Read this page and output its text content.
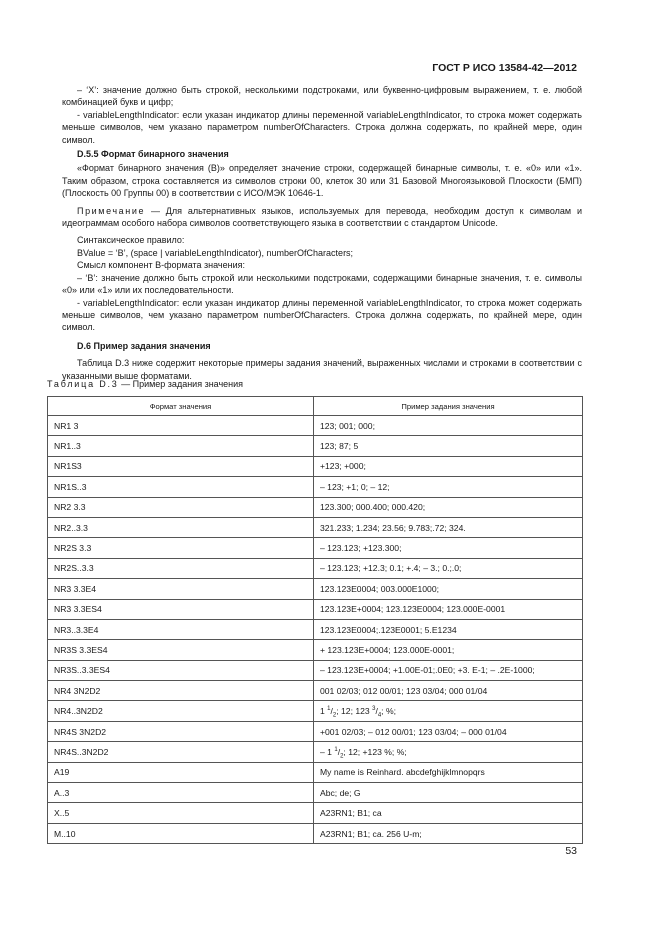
ГОСТ Р ИСО 13584-42—2012

– ‘X’: значение должно быть строкой, несколькими подстроками, или буквенно-цифровым выражением, т. е. любой комбинацией букв и цифр;

- variableLengthIndicator: если указан индикатор длины переменной variableLengthIndicator, то строка может содержать меньше символов, чем указано параметром numberOfCharacters. Строка должна содержать, по крайней мере, один символ.

D.5.5 Формат бинарного значения

«Формат бинарного значения (B)» определяет значение строки, содержащей бинарные символы, т. е. «0» или «1». Таким образом, строка составляется из символов строки 00, клеток 30 или 31 Базовой Многоязыковой Плоскости (БМП) (Плоскость 00 Группы 00) в соответствии с ИСО/МЭК 10646-1.

Примечание — Для альтернативных языков, используемых для перевода, необходим доступ к символам и идеограммам особого набора символов соответствующего языка в соответствии с стандартом Unicode.

Синтаксическое правило:

BValue = ‘B’, (space | variableLengthIndicator), numberOfCharacters;

Смысл компонент B-формата значения:

– ‘B’: значение должно быть строкой или несколькими подстроками, содержащими бинарные значения, т. е. символы «0» или «1» или их последовательности.

- variableLengthIndicator: если указан индикатор длины переменной variableLengthIndicator, то строка может содержать меньше символов, чем указано параметром numberOfCharacters. Строка должна содержать, по крайней мере, один символ.

D.6 Пример задания значения

Таблица D.3 ниже содержит некоторые примеры задания значений, выраженных числами и строками в соответствии с указанными выше форматами.

Таблица D.3 — Пример задания значения
Формат значения	Пример задания значения
NR1 3	123; 001; 000;
NR1..3	123; 87; 5
NR1S3	+123; +000;
NR1S..3	– 123; +1; 0; – 12;
NR2 3.3	123.300; 000.400; 000.420;
NR2..3.3	321.233; 1.234; 23.56; 9.783;.72; 324.
NR2S 3.3	– 123.123; +123.300;
NR2S..3.3	– 123.123; +12.3; 0.1; +.4; – 3.; 0.;.0;
NR3 3.3E4	123.123E0004; 003.000E1000;
NR3 3.3ES4	123.123E+0004; 123.123E0004; 123.000E-0001
NR3..3.3E4	123.123E0004;.123E0001; 5.E1234
NR3S 3.3ES4	+ 123.123E+0004; 123.000E-0001;
NR3S..3.3ES4	– 123.123E+0004; +1.00E-01;.0E0; +3. E-1; – .2E-1000;
NR4 3N2D2	001 02/03; 012 00/01; 123 03/04; 000 01/04
NR4..3N2D2	1 $^1/_2$; 12; 123 $^3/_4$; %;
NR4S 3N2D2	+001 02/03; – 012 00/01; 123 03/04; – 000 01/04
NR4S..3N2D2	– 1 $^1/_2$; 12; +123 %; %;
A19	My name is Reinhard. abcdefghijklmnopqrs
A..3	Abc; de; G
X..5	A23RN1; B1; ca
M..10	A23RN1; B1; ca. 256 U-m;
53
